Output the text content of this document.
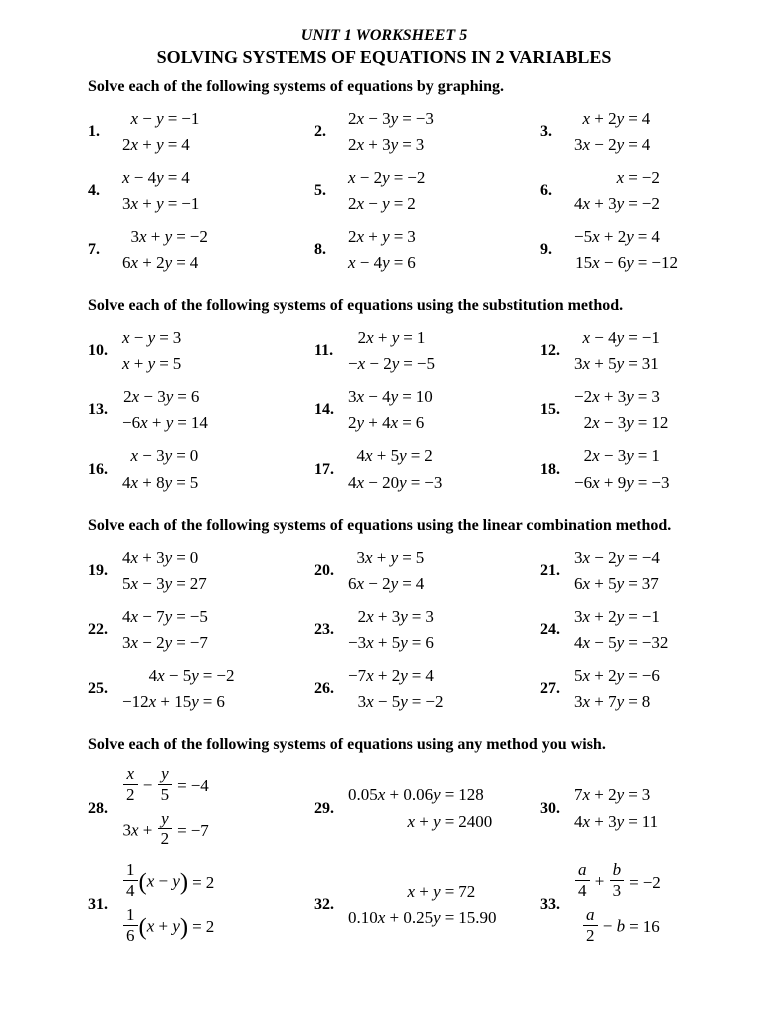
UNIT 1 WORKSHEET 5
SOLVING SYSTEMS OF EQUATIONS IN 2 VARIABLES
Solve each of the following systems of equations by graphing.
1.
x − y = −1
2x + y = 4
2.
2x − 3y = −3
2x + 3y = 3
3.
x + 2y = 4
3x − 2y = 4
4.
x − 4y = 4
3x + y = −1
5.
x − 2y = −2
2x − y = 2
6.
x = −2
4x + 3y = −2
7.
3x + y = −2
6x + 2y = 4
8.
2x + y = 3
x − 4y = 6
9.
−5x + 2y = 4
15x − 6y = −12
Solve each of the following systems of equations using the substitution method.
10.
x − y = 3
x + y = 5
11.
2x + y = 1
−x − 2y = −5
12.
x − 4y = −1
3x + 5y = 31
13.
2x − 3y = 6
−6x + y = 14
14.
3x − 4y = 10
2y + 4x = 6
15.
−2x + 3y = 3
2x − 3y = 12
16.
x − 3y = 0
4x + 8y = 5
17.
4x + 5y = 2
4x − 20y = −3
18.
2x − 3y = 1
−6x + 9y = −3
Solve each of the following systems of equations using the linear combination method.
19.
4x + 3y = 0
5x − 3y = 27
20.
3x + y = 5
6x − 2y = 4
21.
3x − 2y = −4
6x + 5y = 37
22.
4x − 7y = −5
3x − 2y = −7
23.
2x + 3y = 3
−3x + 5y = 6
24.
3x + 2y = −1
4x − 5y = −32
25.
4x − 5y = −2
−12x + 15y = 6
26.
−7x + 2y = 4
3x − 5y = −2
27.
5x + 2y = −6
3x + 7y = 8
Solve each of the following systems of equations using any method you wish.
28.
$\frac{x}{2} - \frac{y}{5} = -4$
$3x + \frac{y}{2} = -7$
29.
0.05x + 0.06y = 128
x + y = 2400
30.
7x + 2y = 3
4x + 3y = 11
31.
$\frac{1}{4} (x - y) = 2$
$\frac{1}{6} (x + y) = 2$
32.
x + y = 72
0.10x + 0.25y = 15.90
33.
$\frac{a}{4} + \frac{b}{3} = -2$
$\frac{a}{2} - b = 16$
